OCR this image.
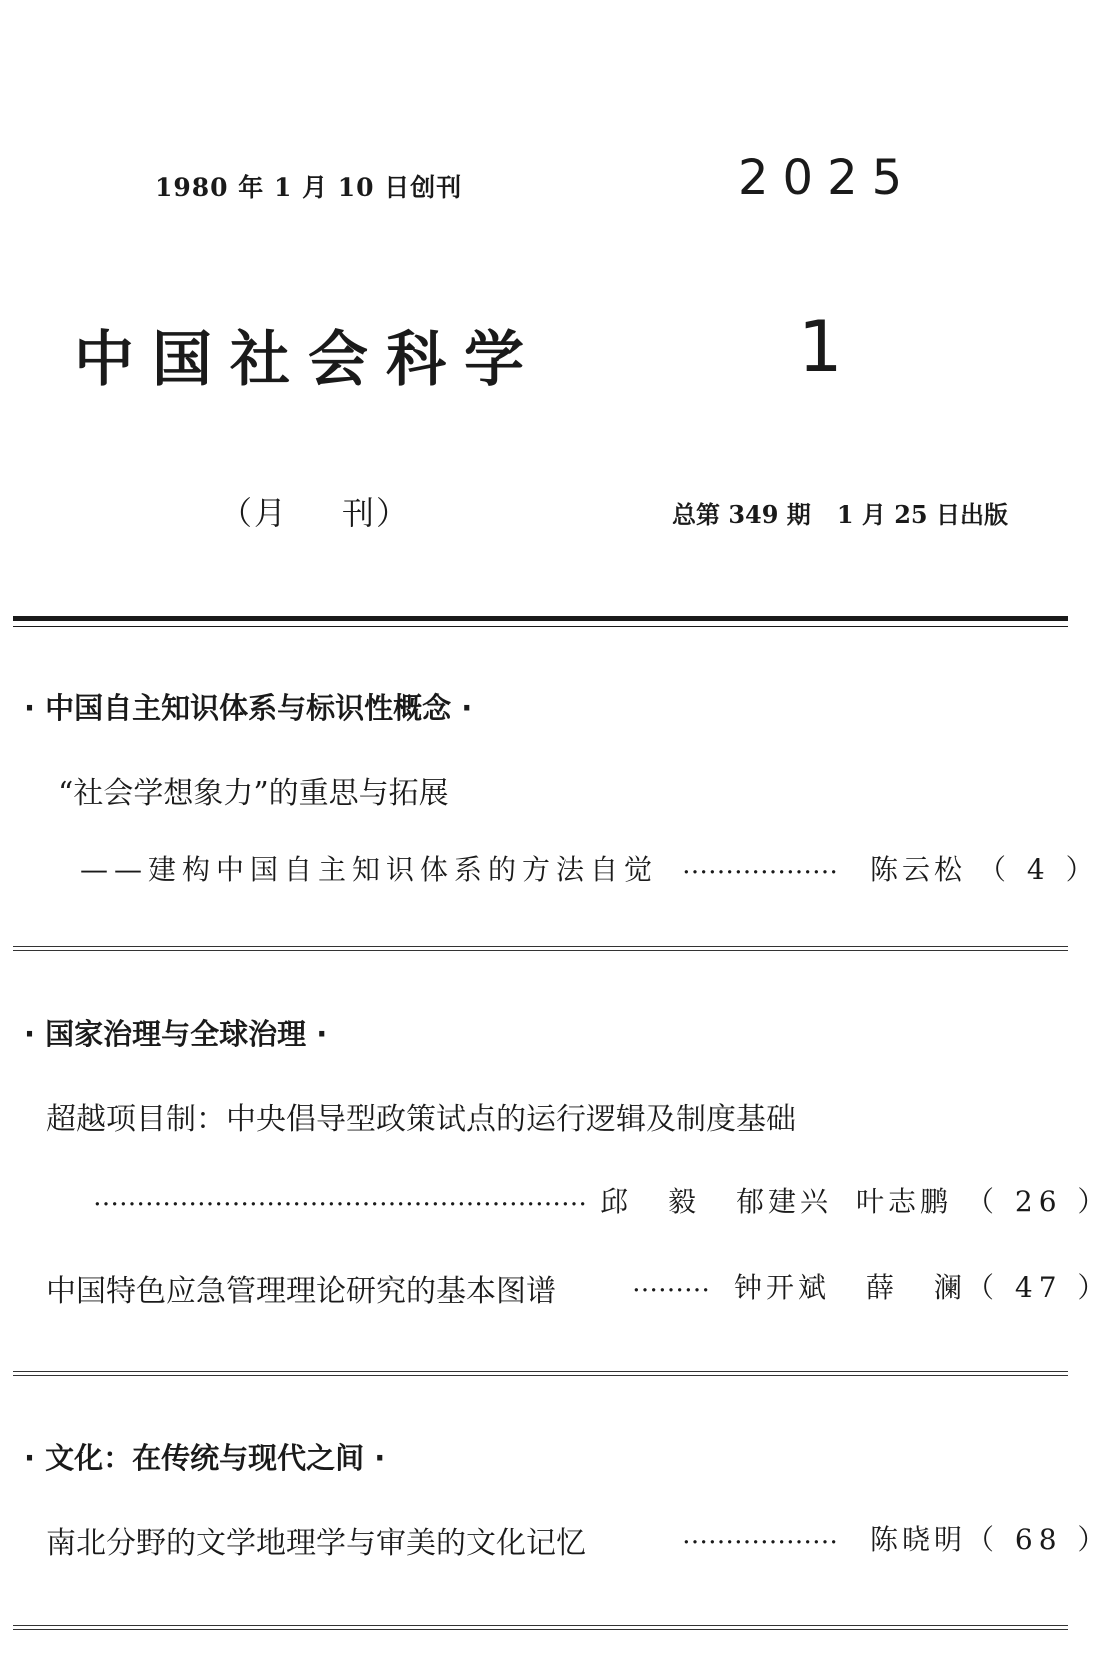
1980 年 1 月 10 日创刊	2025
中国社会科学	1
（月 刊）	总第 349 期 1 月 25 日出版
· 中国自主知识体系与标识性概念 ·
“社会学想象力”的重思与拓展
——建构中国自主知识体系的方法自觉 ……………… 陈云松 （ 4 ）
· 国家治理与全球治理 ·
超越项目制：中央倡导型政策试点的运行逻辑及制度基础
………………………………………………… 邱 毅 郁建兴 叶志鹏 （ 26 ）
中国特色应急管理理论研究的基本图谱	……… 钟开斌 薛 澜 （ 47 ）
· 文化：在传统与现代之间 ·
南北分野的文学地理学与审美的文化记忆	……………… 陈晓明 （ 68 ）
